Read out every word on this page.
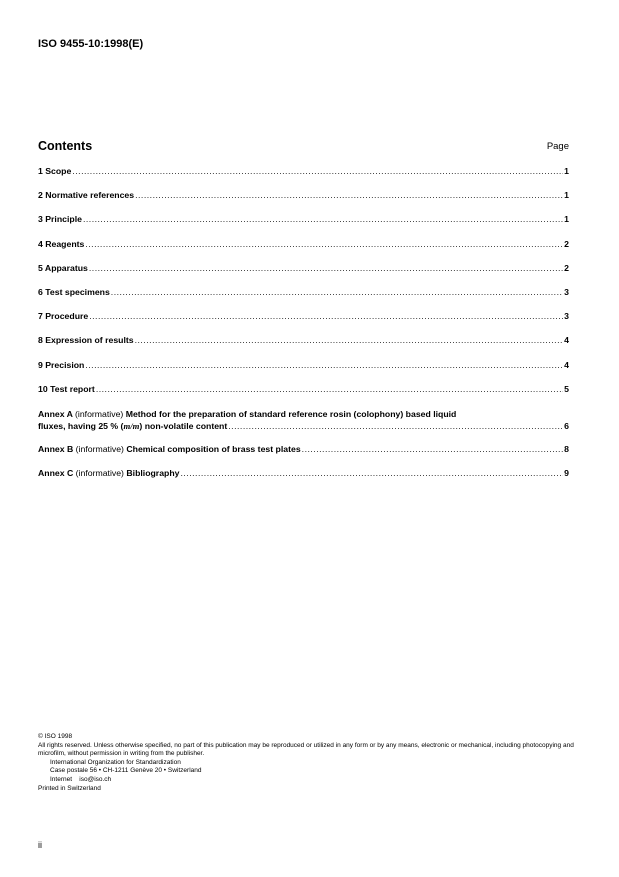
ISO 9455-10:1998(E)
Contents	Page
1 Scope .....	1
2 Normative references .....	1
3 Principle .....	1
4 Reagents .....	2
5 Apparatus .....	2
6 Test specimens .....	3
7 Procedure .....	3
8 Expression of results .....	4
9 Precision .....	4
10 Test report .....	5
Annex A (informative) Method for the preparation of standard reference rosin (colophony) based liquid
fluxes, having 25 % (m/m) non-volatile content .....	6
Annex B
(informative)
Chemical composition of brass test plates .....	8
Annex C
(informative)
Bibliography .....	9
© ISO 1998
All rights reserved. Unless otherwise specified, no part of this publication may be reproduced or utilized in any form or by any means, electronic or mechanical, including photocopying and microfilm, without permission in writing from the publisher.
International Organization for Standardization
Case postale 56 • CH-1211 Genève 20 • Switzerland
Internet iso@iso.ch
Printed in Switzerland
ii
